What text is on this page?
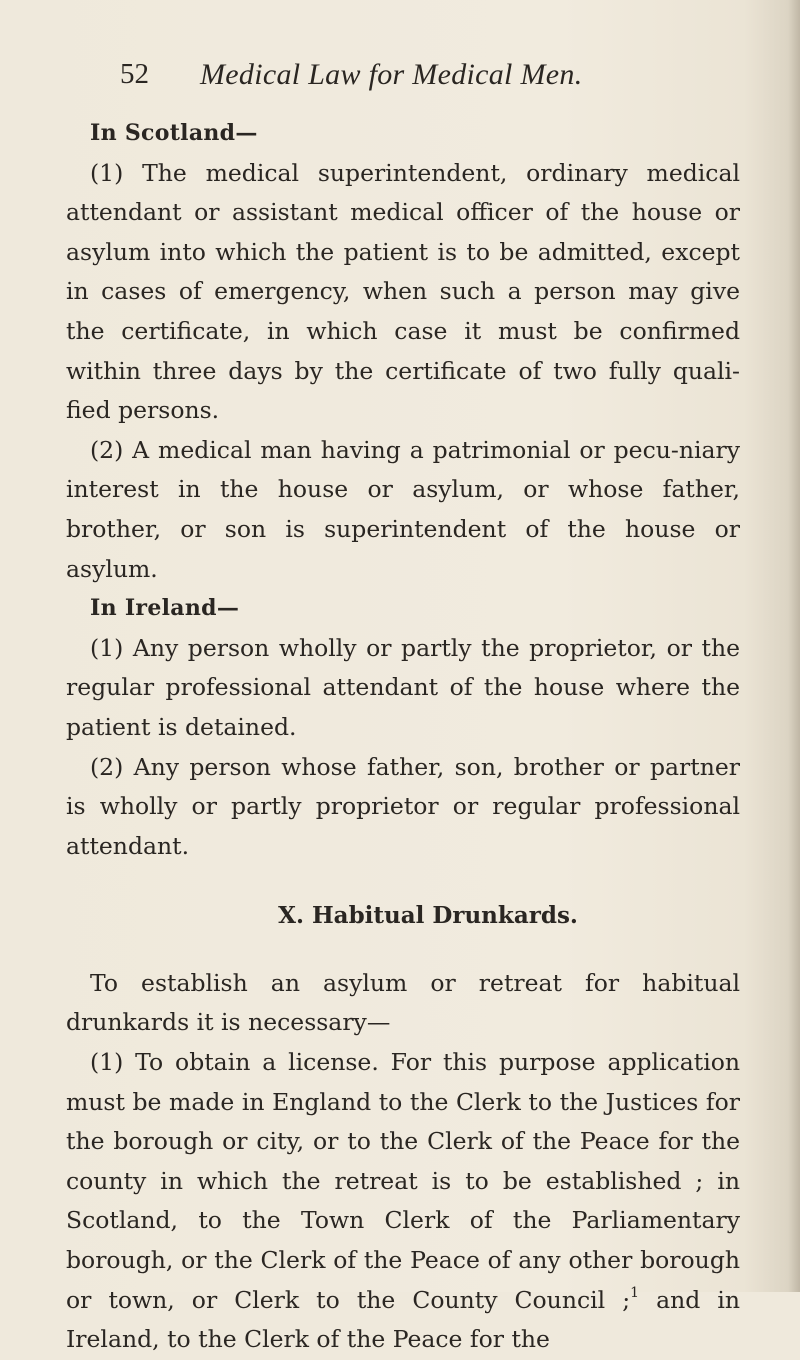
52 Medical Law for Medical Men.

In Scotland—

(1) The medical superintendent, ordinary medical attendant or assistant medical officer of the house or asylum into which the patient is to be admitted, except in cases of emergency, when such a person may give the certificate, in which case it must be confirmed within three days by the certificate of two fully quali-fied persons.

(2) A medical man having a patrimonial or pecu-niary interest in the house or asylum, or whose father, brother, or son is superintendent of the house or asylum.

In Ireland—

(1) Any person wholly or partly the proprietor, or the regular professional attendant of the house where the patient is detained.

(2) Any person whose father, son, brother or partner is wholly or partly proprietor or regular professional attendant.

X. Habitual Drunkards.

To establish an asylum or retreat for habitual drunkards it is necessary—

(1) To obtain a license. For this purpose application must be made in England to the Clerk to the Justices for the borough or city, or to the Clerk of the Peace for the county in which the retreat is to be established ; in Scotland, to the Town Clerk of the Parliamentary borough, or the Clerk of the Peace of any other borough or town, or Clerk to the County Council ;$^1$ and in Ireland, to the Clerk of the Peace for the
